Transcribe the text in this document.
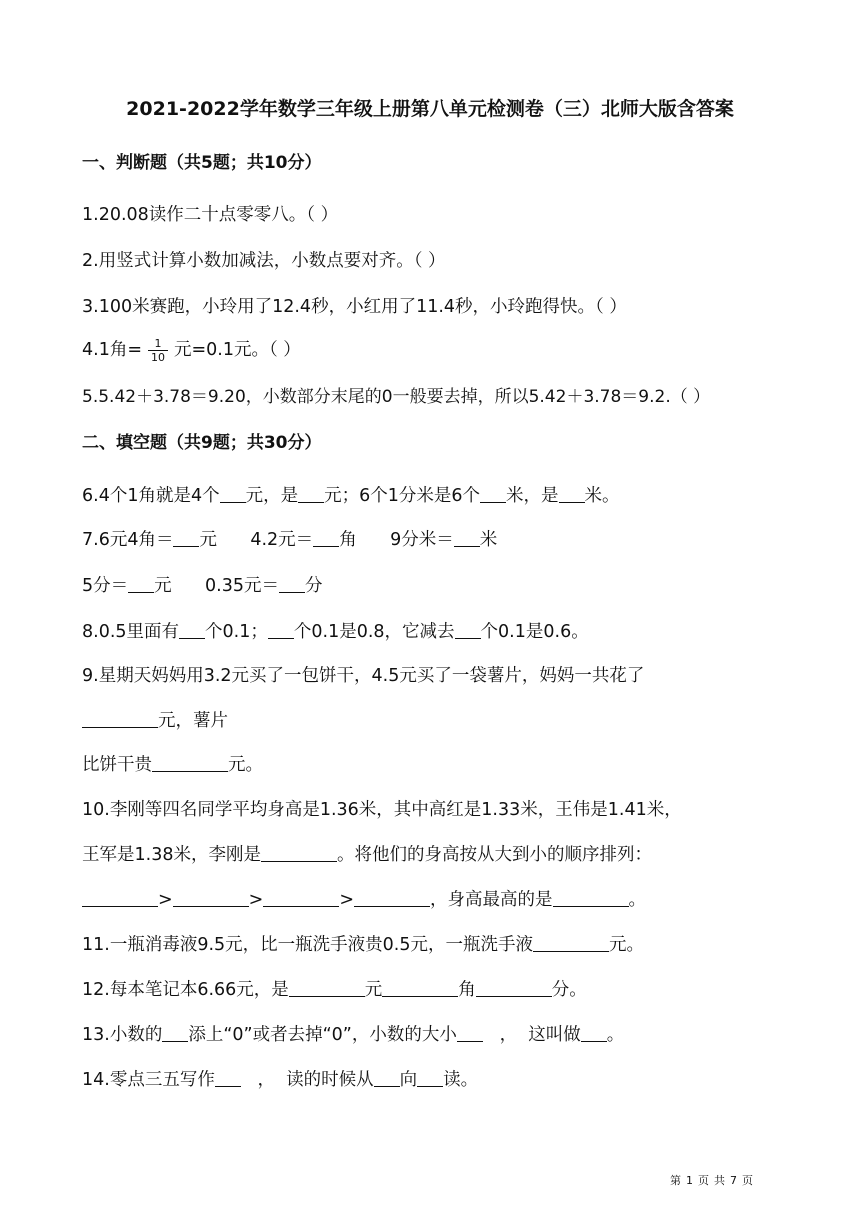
2021-2022学年数学三年级上册第八单元检测卷（三）北师大版含答案
一、判断题（共5题；共10分）
1.20.08读作二十点零零八。（ ）
2.用竖式计算小数加减法，小数点要对齐。（ ）
3.100米赛跑，小玲用了12.4秒，小红用了11.4秒，小玲跑得快。（ ）
4.1角= $\frac{1}{10}$ 元=0.1元。（ ）
5.5.42＋3.78＝9.20，小数部分末尾的0一般要去掉，所以5.42＋3.78＝9.2.（ ）
二、填空题（共9题；共30分）
6.4个1角就是4个 元，是 元；6个1分米是6个 米，是 米。
7.6元4角＝ 元      4.2元＝ 角      9分米＝ 米
5分＝ 元      0.35元＝ 分
8.0.5里面有 个0.1； 个0.1是0.8，它减去 个0.1是0.6。
9.星期天妈妈用3.2元买了一包饼干，4.5元买了一袋薯片，妈妈一共花了
元，薯片
比饼干贵	元。
10.李刚等四名同学平均身高是1.36米，其中高红是1.33米，王伟是1.41米，
王军是1.38米，李刚是	。将他们的身高按从大到小的顺序排列：
>	>	>	，身高最高的是	。
11.一瓶消毒液9.5元，比一瓶洗手液贵0.5元，一瓶洗手液	元。
12.每本笔记本6.66元，是	元	角	分。
13.小数的 添上“0”或者去掉“0”，小数的大小   ，  这叫做 。
14.零点三五写作   ，  读的时候从 向 读。
第 1 页 共 7 页
